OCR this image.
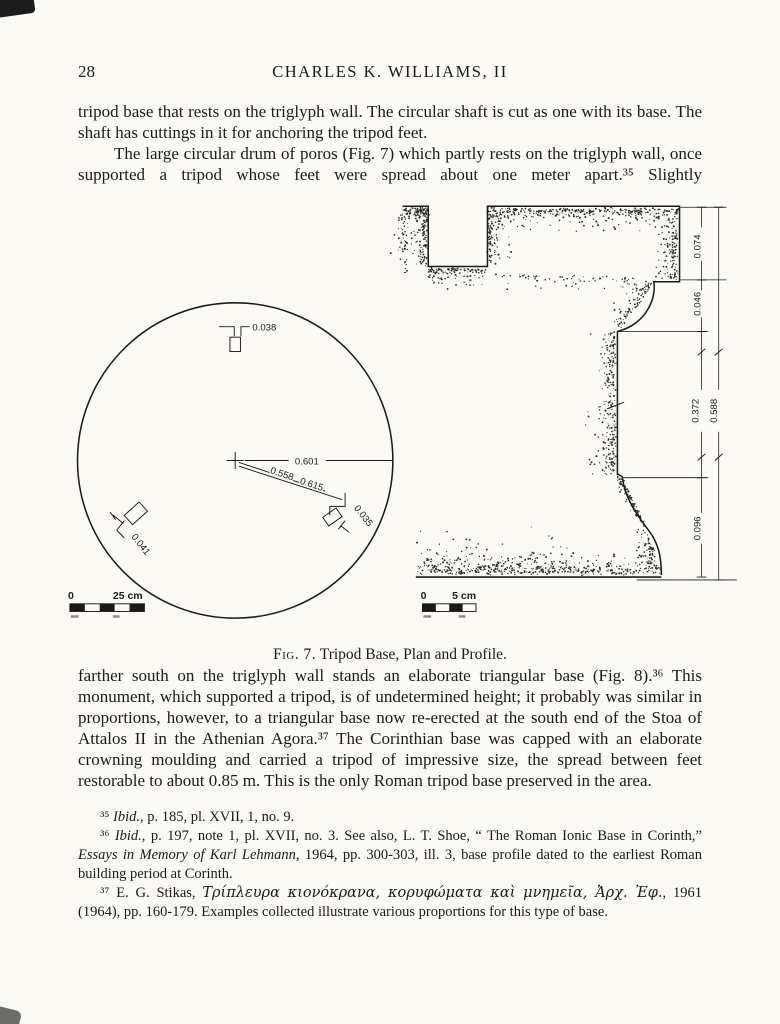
28	CHARLES K. WILLIAMS, II

tripod base that rests on the triglyph wall. The circular shaft is cut as one with its base. The shaft has cuttings in it for anchoring the tripod feet.

The large circular drum of poros (Fig. 7) which partly rests on the triglyph wall, once supported a tripod whose feet were spread about one meter apart.³⁵ Slightly

0.601
0.558
0.615
0.038
0.041
0.035
0	25 cm
0.074
0.046
0.372 0.588
0.096
0 5 cm

Fig. 7. Tripod Base, Plan and Profile.

farther south on the triglyph wall stands an elaborate triangular base (Fig. 8).³⁶ This monument, which supported a tripod, is of undetermined height; it probably was similar in proportions, however, to a triangular base now re-erected at the south end of the Stoa of Attalos II in the Athenian Agora.³⁷ The Corinthian base was capped with an elaborate crowning moulding and carried a tripod of impressive size, the spread between feet restorable to about 0.85 m. This is the only Roman tripod base preserved in the area.

³⁵ Ibid., p. 185, pl. XVII, 1, no. 9.

³⁶ Ibid., p. 197, note 1, pl. XVII, no. 3. See also, L. T. Shoe, “ The Roman Ionic Base in Corinth,” Essays in Memory of Karl Lehmann, 1964, pp. 300-303, ill. 3, base profile dated to the earliest Roman building period at Corinth.

³⁷ E. G. Stikas, Τρίπλευρα κιονόκρανα, κορυφώματα καὶ μνημεῖα, Ἀρχ. Ἐφ., 1961 (1964), pp. 160-179. Examples collected illustrate various proportions for this type of base.
